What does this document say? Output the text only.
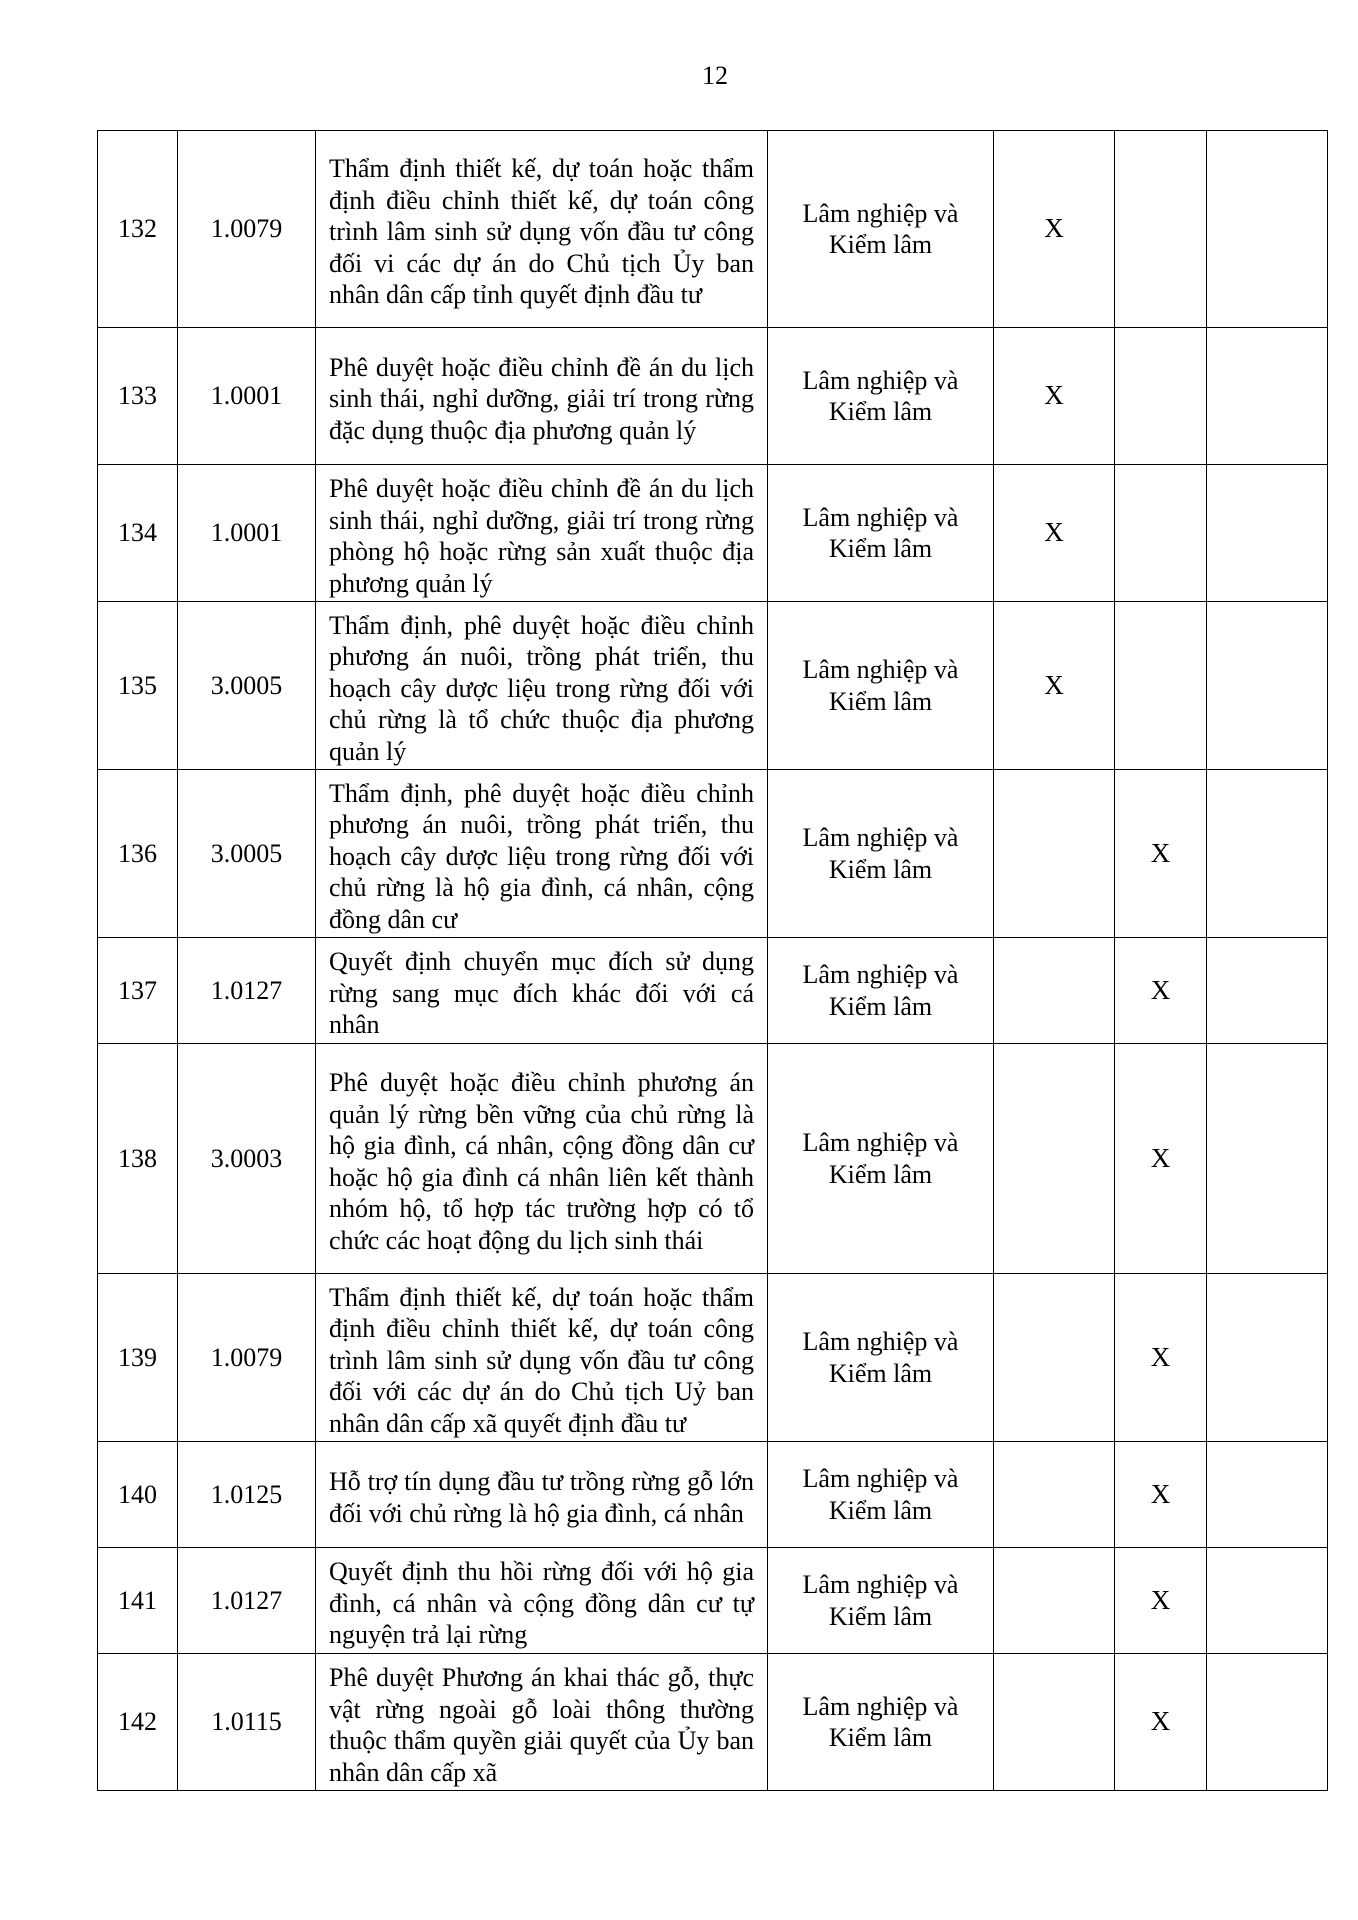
12
132	1.0079	Thẩm định thiết kế, dự toán hoặc thẩm định điều chỉnh thiết kế, dự toán công trình lâm sinh sử dụng vốn đầu tư công đối vi các dự án do Chủ tịch Ủy ban nhân dân cấp tỉnh quyết định đầu tư	Lâm nghiệp và
Kiểm lâm	X		
133	1.0001	Phê duyệt hoặc điều chỉnh đề án du lịch sinh thái, nghỉ dưỡng, giải trí trong rừng đặc dụng thuộc địa phương quản lý	Lâm nghiệp và
Kiểm lâm	X		
134	1.0001	Phê duyệt hoặc điều chỉnh đề án du lịch sinh thái, nghỉ dưỡng, giải trí trong rừng phòng hộ hoặc rừng sản xuất thuộc địa phương quản lý	Lâm nghiệp và
Kiểm lâm	X		
135	3.0005	Thẩm định, phê duyệt hoặc điều chỉnh phương án nuôi, trồng phát triển, thu hoạch cây dược liệu trong rừng đối với chủ rừng là tổ chức thuộc địa phương quản lý	Lâm nghiệp và
Kiểm lâm	X		
136	3.0005	Thẩm định, phê duyệt hoặc điều chỉnh phương án nuôi, trồng phát triển, thu hoạch cây dược liệu trong rừng đối với chủ rừng là hộ gia đình, cá nhân, cộng đồng dân cư	Lâm nghiệp và
Kiểm lâm		X	
137	1.0127	Quyết định chuyển mục đích sử dụng rừng sang mục đích khác đối với cá nhân	Lâm nghiệp và
Kiểm lâm		X	
138	3.0003	Phê duyệt hoặc điều chỉnh phương án quản lý rừng bền vững của chủ rừng là hộ gia đình, cá nhân, cộng đồng dân cư hoặc hộ gia đình cá nhân liên kết thành nhóm hộ, tổ hợp tác trường hợp có tổ chức các hoạt động du lịch sinh thái	Lâm nghiệp và
Kiểm lâm		X	
139	1.0079	Thẩm định thiết kế, dự toán hoặc thẩm định điều chỉnh thiết kế, dự toán công trình lâm sinh sử dụng vốn đầu tư công đối với các dự án do Chủ tịch Uỷ ban nhân dân cấp xã quyết định đầu tư	Lâm nghiệp và
Kiểm lâm		X	
140	1.0125	Hỗ trợ tín dụng đầu tư trồng rừng gỗ lớn đối với chủ rừng là hộ gia đình, cá nhân	Lâm nghiệp và
Kiểm lâm		X	
141	1.0127	Quyết định thu hồi rừng đối với hộ gia đình, cá nhân và cộng đồng dân cư tự nguyện trả lại rừng	Lâm nghiệp và
Kiểm lâm		X	
142	1.0115	Phê duyệt Phương án khai thác gỗ, thực vật rừng ngoài gỗ loài thông thường thuộc thẩm quyền giải quyết của Ủy ban nhân dân cấp xã	Lâm nghiệp và
Kiểm lâm		X	
